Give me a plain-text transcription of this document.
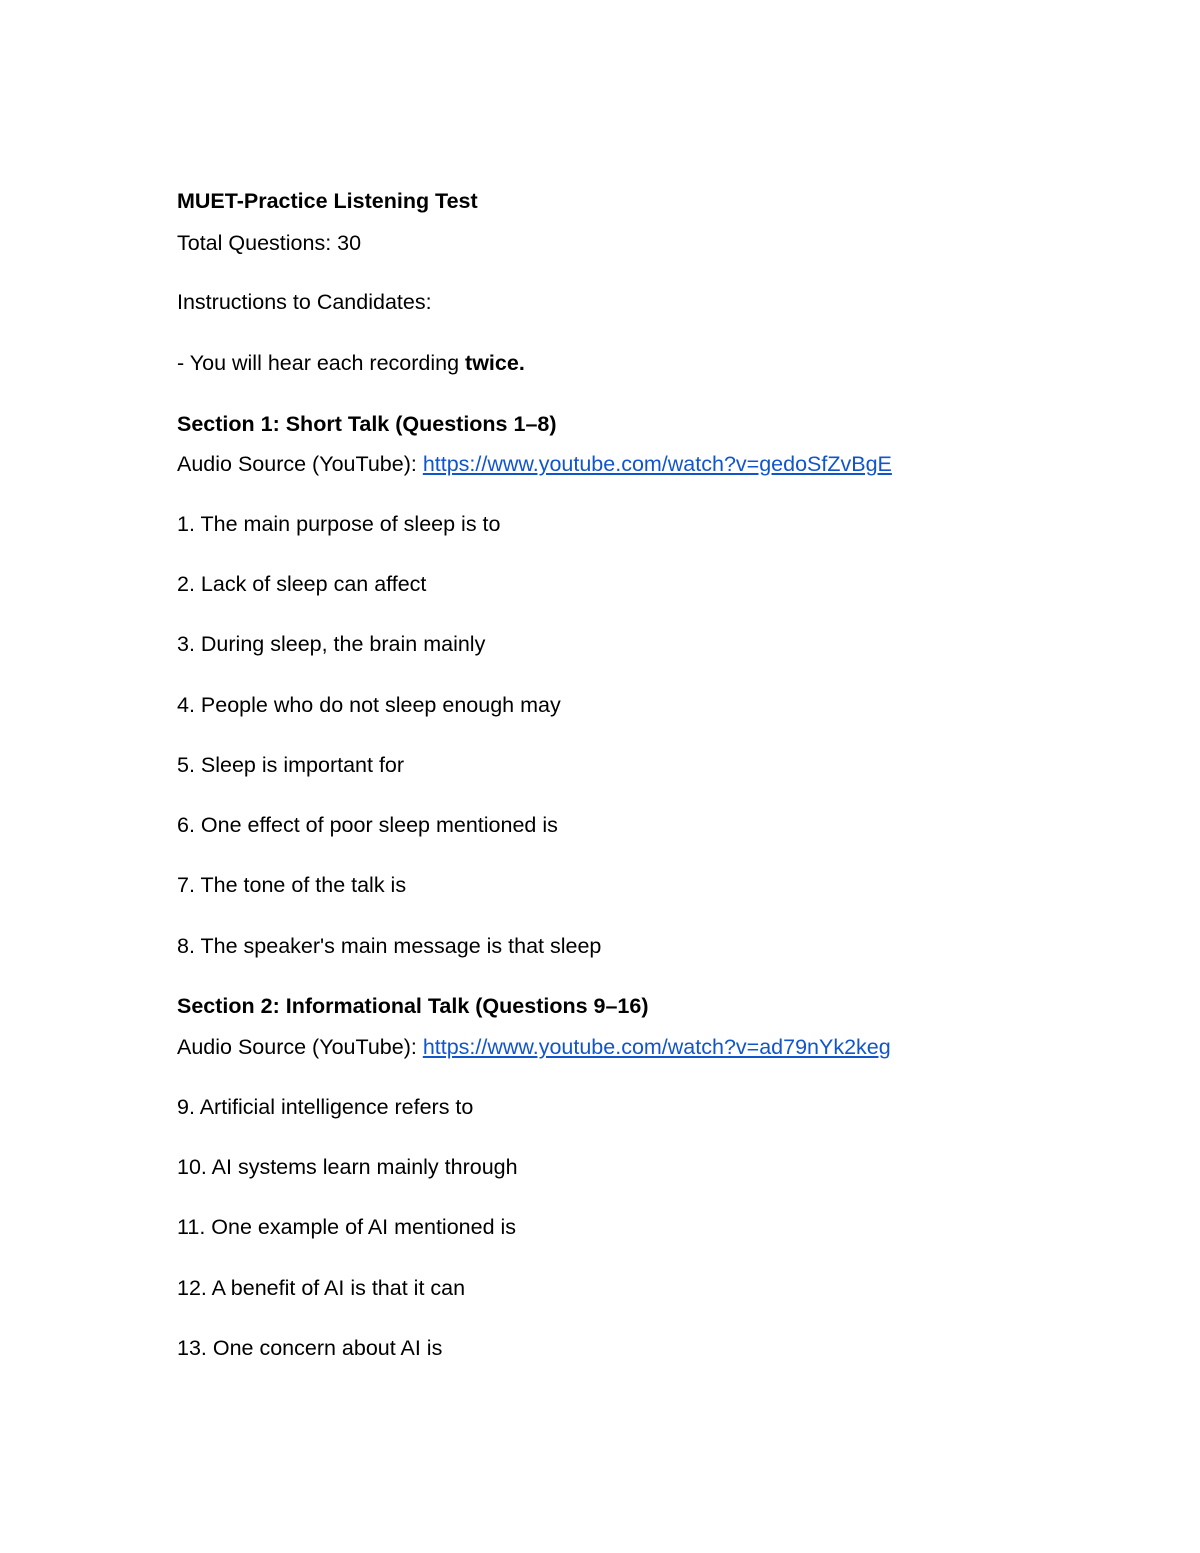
MUET-Practice Listening Test

Total Questions: 30

Instructions to Candidates:

- You will hear each recording twice.

Section 1: Short Talk (Questions 1–8)

Audio Source (YouTube): https://www.youtube.com/watch?v=gedoSfZvBgE

1. The main purpose of sleep is to

2. Lack of sleep can affect

3. During sleep, the brain mainly

4. People who do not sleep enough may

5. Sleep is important for

6. One effect of poor sleep mentioned is

7. The tone of the talk is

8. The speaker's main message is that sleep

Section 2: Informational Talk (Questions 9–16)

Audio Source (YouTube): https://www.youtube.com/watch?v=ad79nYk2keg

9. Artificial intelligence refers to

10. AI systems learn mainly through

11. One example of AI mentioned is

12. A benefit of AI is that it can

13. One concern about AI is
